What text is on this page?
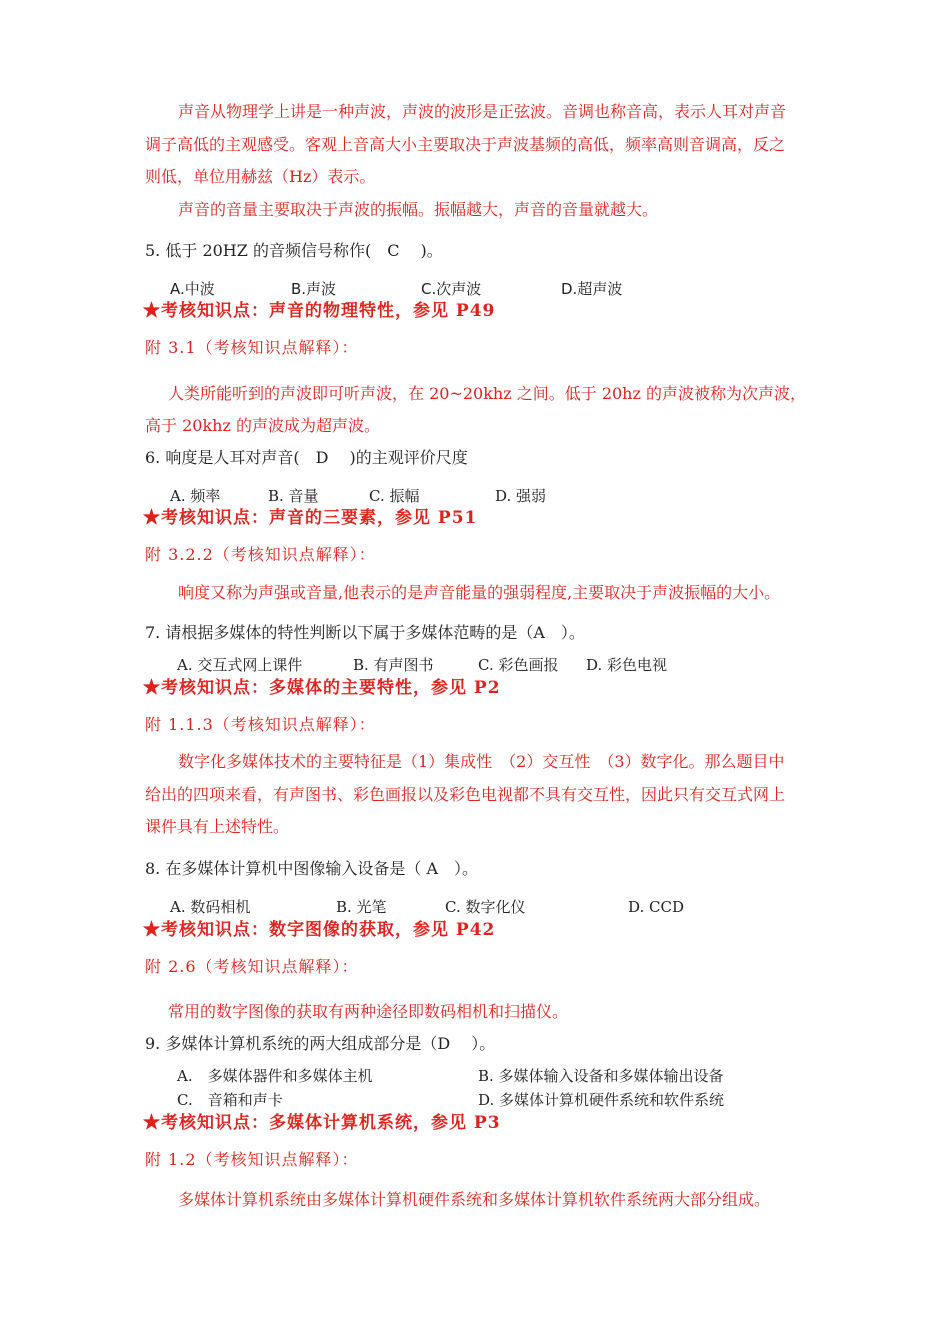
声音从物理学上讲是一种声波，声波的波形是正弦波。音调也称音高，表示人耳对声音
调子高低的主观感受。客观上音高大小主要取决于声波基频的高低，频率高则音调高，反之
则低，单位用赫兹（Hz）表示。
声音的音量主要取决于声波的振幅。振幅越大，声音的音量就越大。
5. 低于 20HZ 的音频信号称作(　C　 )。
A.中波	B.声波	C.次声波	D.超声波
★考核知识点：声音的物理特性，参见 P49
附 3.1（考核知识点解释）：
人类所能听到的声波即可听声波，在 20~20khz 之间。低于 20hz 的声波被称为次声波，
高于 20khz 的声波成为超声波。
6. 响度是人耳对声音(　D　 )的主观评价尺度
A. 频率	B. 音量	C. 振幅	D. 强弱
★考核知识点：声音的三要素，参见 P51
附 3.2.2（考核知识点解释）：
响度又称为声强或音量,他表示的是声音能量的强弱程度,主要取决于声波振幅的大小。
7. 请根据多媒体的特性判断以下属于多媒体范畴的是（A　）。
A. 交互式网上课件	B. 有声图书	C. 彩色画报 D. 彩色电视
★考核知识点：多媒体的主要特性，参见 P2
附 1.1.3（考核知识点解释）：
数字化多媒体技术的主要特征是（1）集成性　（2）交互性　（3）数字化。那么题目中
给出的四项来看，有声图书、彩色画报以及彩色电视都不具有交互性，因此只有交互式网上
课件具有上述特性。
8. 在多媒体计算机中图像输入设备是（ A　）。
A. 数码相机	B. 光笔	C. 数字化仪	D. CCD
★考核知识点：数字图像的获取，参见 P42
附 2.6（考核知识点解释）：
常用的数字图像的获取有两种途径即数码相机和扫描仪。
9. 多媒体计算机系统的两大组成部分是（D　 ）。
A.　多媒体器件和多媒体主机	B. 多媒体输入设备和多媒体输出设备
C.　音箱和声卡	D. 多媒体计算机硬件系统和软件系统
★考核知识点：多媒体计算机系统，参见 P3
附 1.2（考核知识点解释）：
多媒体计算机系统由多媒体计算机硬件系统和多媒体计算机软件系统两大部分组成。
